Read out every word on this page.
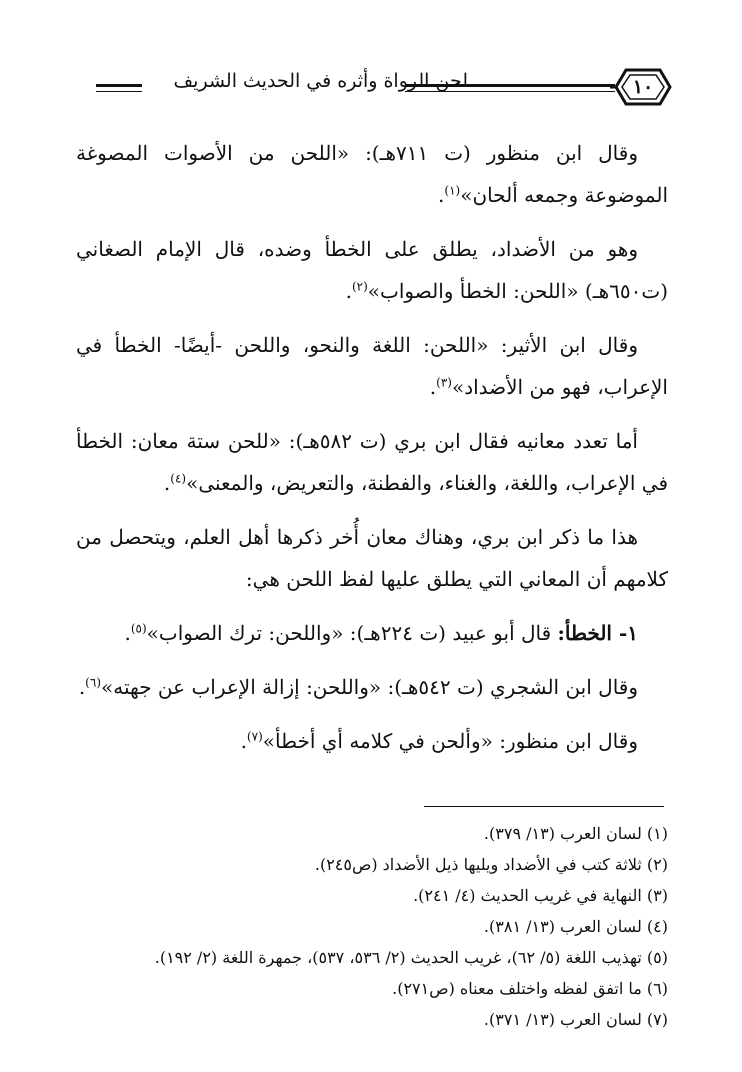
لحن الرواة وأثره في الحديث الشريف	١٠

وقال ابن منظور (ت ٧١١هـ): «اللحن من الأصوات المصوغة الموضوعة وجمعه ألحان»$^{(١)}$.

وهو من الأضداد، يطلق على الخطأ وضده، قال الإمام الصغاني (ت٦٥٠هـ) «اللحن: الخطأ والصواب»$^{(٢)}$.

وقال ابن الأثير: «اللحن: اللغة والنحو، واللحن -أيضًا- الخطأ في الإعراب، فهو من الأضداد»$^{(٣)}$.

أما تعدد معانيه فقال ابن بري (ت ٥٨٢هـ): «للحن ستة معان: الخطأ في الإعراب، واللغة، والغناء، والفطنة، والتعريض، والمعنى»$^{(٤)}$.

هذا ما ذكر ابن بري، وهناك معان أُخر ذكرها أهل العلم، ويتحصل من كلامهم أن المعاني التي يطلق عليها لفظ اللحن هي:

١- الخطأ: قال أبو عبيد (ت ٢٢٤هـ): «واللحن: ترك الصواب»$^{(٥)}$.

وقال ابن الشجري (ت ٥٤٢هـ): «واللحن: إزالة الإعراب عن جهته»$^{(٦)}$.

وقال ابن منظور: «وألحن في كلامه أي أخطأ»$^{(٧)}$.

(١) لسان العرب (١٣/ ٣٧٩).
(٢) ثلاثة كتب في الأضداد ويليها ذيل الأضداد (ص٢٤٥).
(٣) النهاية في غريب الحديث (٤/ ٢٤١).
(٤) لسان العرب (١٣/ ٣٨١).
(٥) تهذيب اللغة (٥/ ٦٢)، غريب الحديث (٢/ ٥٣٦، ٥٣٧)، جمهرة اللغة (٢/ ١٩٢).
(٦) ما اتفق لفظه واختلف معناه (ص٢٧١).
(٧) لسان العرب (١٣/ ٣٧١).
